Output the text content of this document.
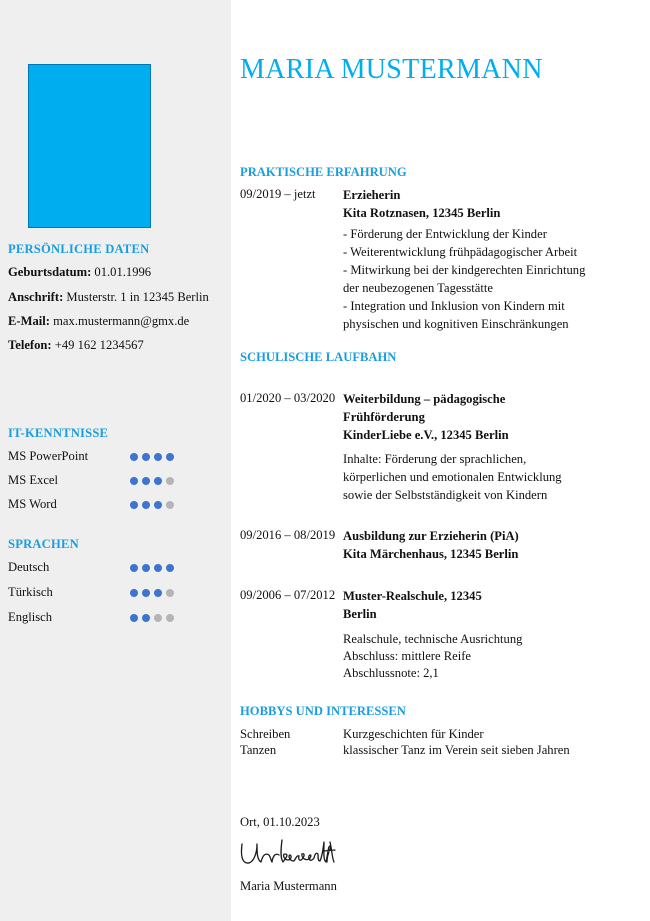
PERSÖNLICHE DATEN
Geburtsdatum: 01.01.1996
Anschrift: Musterstr. 1 in 12345 Berlin
E-Mail: max.mustermann@gmx.de
Telefon: +49 162 1234567
IT-KENNTNISSE
MS PowerPoint
MS Excel
MS Word
SPRACHEN
Deutsch
Türkisch
Englisch
MARIA MUSTERMANN
PRAKTISCHE ERFAHRUNG
09/2019 – jetzt Erzieherin
Kita Rotznasen, 12345 Berlin
- Förderung der Entwicklung der Kinder
- Weiterentwicklung frühpädagogischer Arbeit
- Mitwirkung bei der kindgerechten Einrichtung
der neubezogenen Tagesstätte
- Integration und Inklusion von Kindern mit
physischen und kognitiven Einschränkungen
SCHULISCHE LAUFBAHN
01/2020 – 03/2020 Weiterbildung – pädagogische
Frühförderung
KinderLiebe e.V., 12345 Berlin
Inhalte: Förderung der sprachlichen,
körperlichen und emotionalen Entwicklung
sowie der Selbstständigkeit von Kindern
09/2016 – 08/2019 Ausbildung zur Erzieherin (PiA)
Kita Märchenhaus, 12345 Berlin
09/2006 – 07/2012 Muster-Realschule, 12345
Berlin
Realschule, technische Ausrichtung
Abschluss: mittlere Reife
Abschlussnote: 2,1
HOBBYS UND INTERESSEN
Schreiben	Kurzgeschichten für Kinder
Tanzen	klassischer Tanz im Verein seit sieben Jahren
Ort, 01.10.2023
Maria Mustermann
